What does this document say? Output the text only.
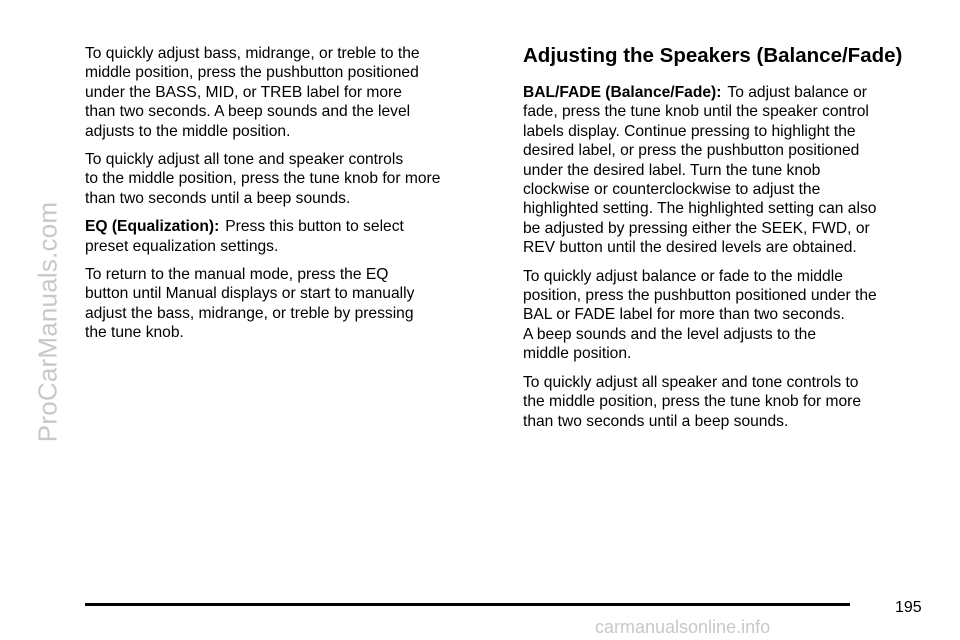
ProCarManuals.com

To quickly adjust bass, midrange, or treble to the
middle position, press the pushbutton positioned
under the BASS, MID, or TREB label for more
than two seconds. A beep sounds and the level
adjusts to the middle position.

To quickly adjust all tone and speaker controls
to the middle position, press the tune knob for more
than two seconds until a beep sounds.

EQ (Equalization): Press this button to select
preset equalization settings.

To return to the manual mode, press the EQ
button until Manual displays or start to manually
adjust the bass, midrange, or treble by pressing
the tune knob.

Adjusting the Speakers (Balance/Fade)

BAL/FADE (Balance/Fade): To adjust balance or
fade, press the tune knob until the speaker control
labels display. Continue pressing to highlight the
desired label, or press the pushbutton positioned
under the desired label. Turn the tune knob
clockwise or counterclockwise to adjust the
highlighted setting. The highlighted setting can also
be adjusted by pressing either the SEEK, FWD, or
REV button until the desired levels are obtained.

To quickly adjust balance or fade to the middle
position, press the pushbutton positioned under the
BAL or FADE label for more than two seconds.
A beep sounds and the level adjusts to the
middle position.

To quickly adjust all speaker and tone controls to
the middle position, press the tune knob for more
than two seconds until a beep sounds.

195
carmanualsonline.info
